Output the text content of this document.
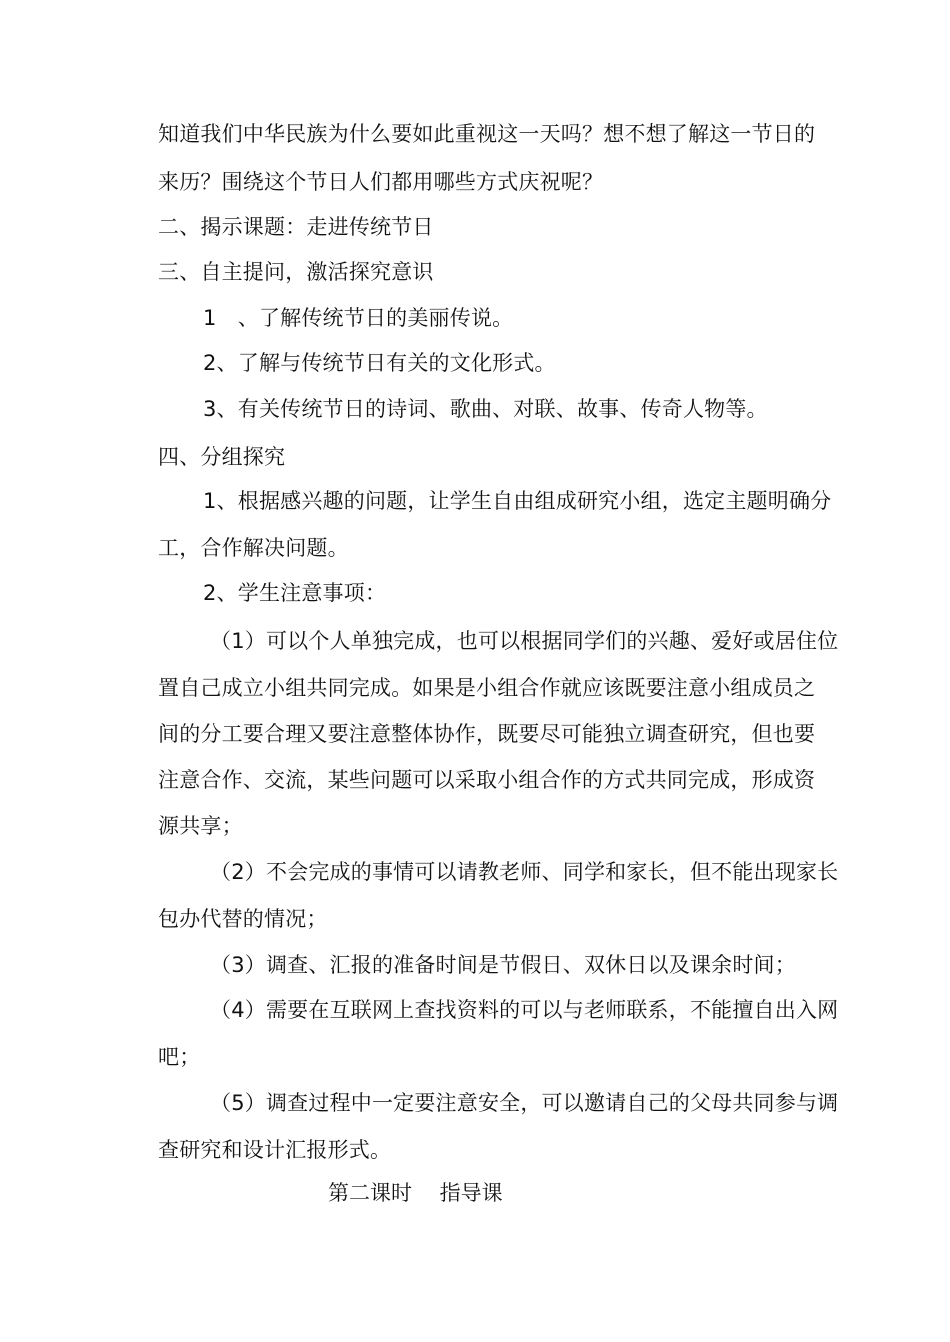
知道我们中华民族为什么要如此重视这一天吗？想不想了解这一节日的
来历？围绕这个节日人们都用哪些方式庆祝呢？
二、揭示课题：走进传统节日
三、自主提问，激活探究意识
1　、了解传统节日的美丽传说。
2、了解与传统节日有关的文化形式。
3、有关传统节日的诗词、歌曲、对联、故事、传奇人物等。
四、分组探究
1、根据感兴趣的问题，让学生自由组成研究小组，选定主题明确分
工，合作解决问题。
2、学生注意事项：
（1）可以个人单独完成，也可以根据同学们的兴趣、爱好或居住位
置自己成立小组共同完成。如果是小组合作就应该既要注意小组成员之
间的分工要合理又要注意整体协作，既要尽可能独立调查研究，但也要
注意合作、交流，某些问题可以采取小组合作的方式共同完成，形成资
源共享；
（2）不会完成的事情可以请教老师、同学和家长，但不能出现家长
包办代替的情况；
（3）调查、汇报的准备时间是节假日、双休日以及课余时间；
（4）需要在互联网上查找资料的可以与老师联系，不能擅自出入网
吧；
（5）调查过程中一定要注意安全，可以邀请自己的父母共同参与调
查研究和设计汇报形式。
第二课时　 指导课
